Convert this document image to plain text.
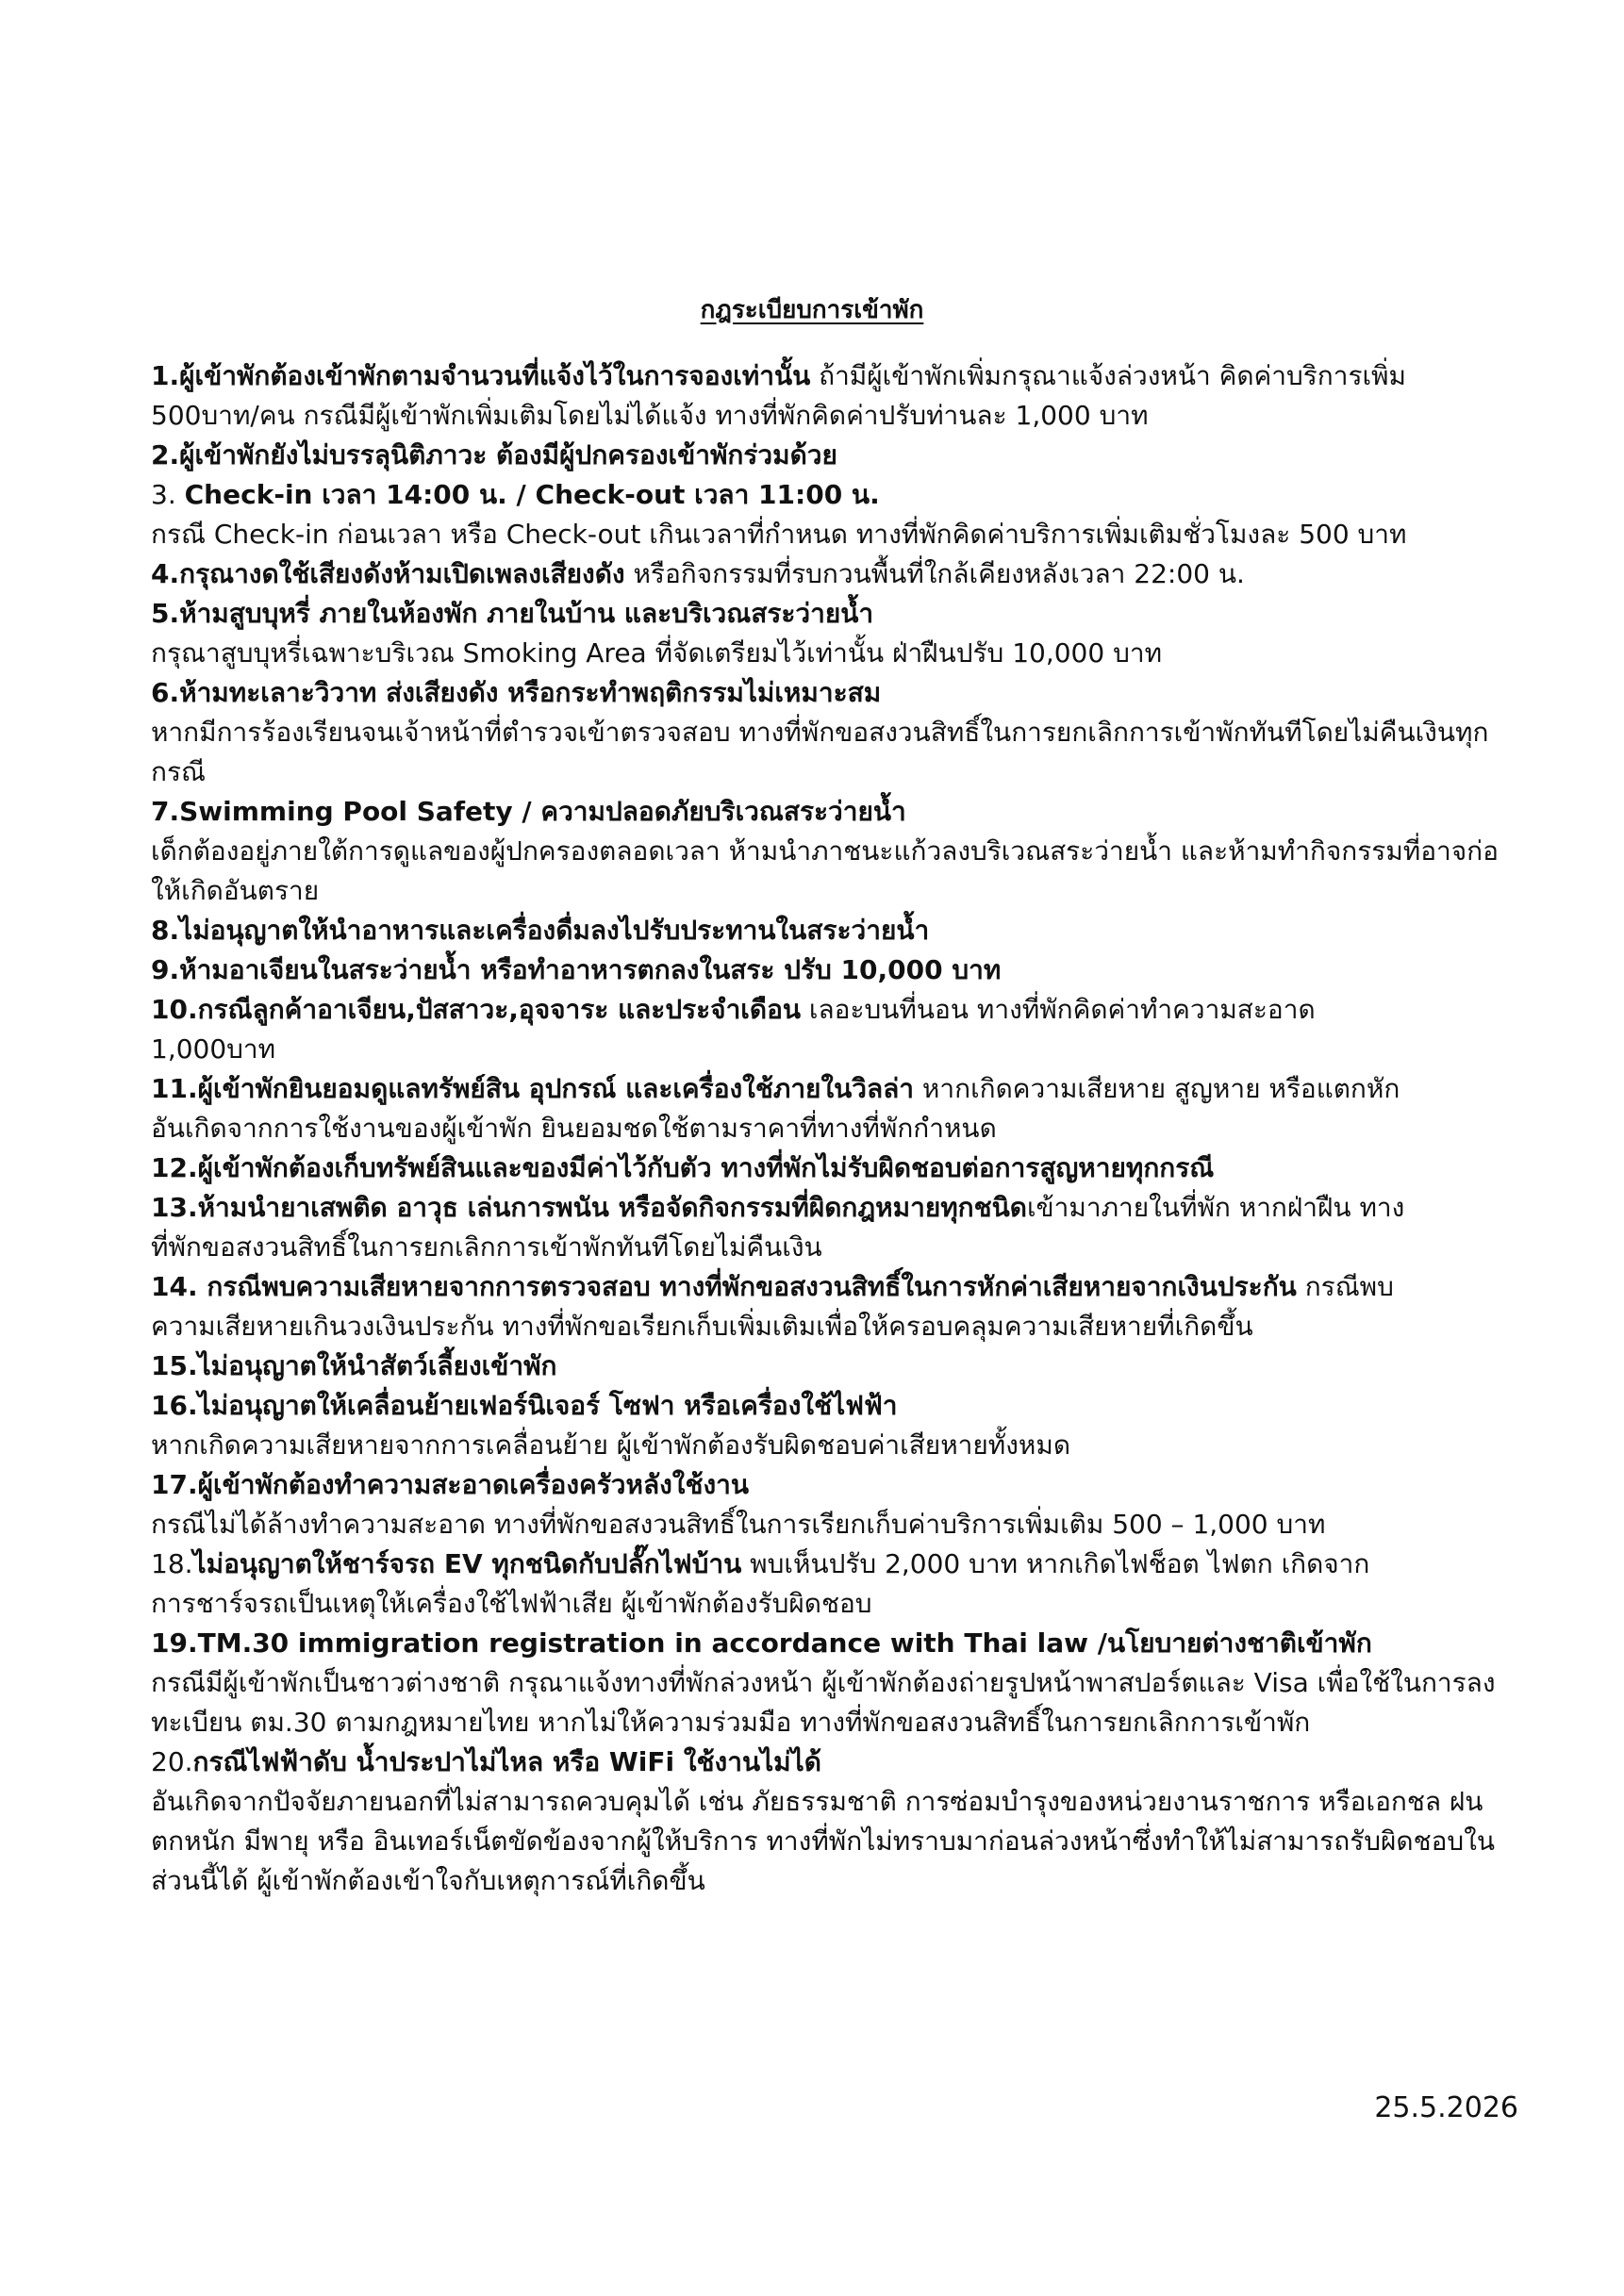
กฎระเบียบการเข้าพัก
1.ผู้เข้าพักต้องเข้าพักตามจำนวนที่แจ้งไว้ในการจองเท่านั้น ถ้ามีผู้เข้าพักเพิ่มกรุณาแจ้งล่วงหน้า คิดค่าบริการเพิ่ม
500บาท/คน กรณีมีผู้เข้าพักเพิ่มเติมโดยไม่ได้แจ้ง ทางที่พักคิดค่าปรับท่านละ 1,000 บาท
2.ผู้เข้าพักยังไม่บรรลุนิติภาวะ ต้องมีผู้ปกครองเข้าพักร่วมด้วย
3. Check-in เวลา 14:00 น. / Check-out เวลา 11:00 น.
กรณี Check-in ก่อนเวลา หรือ Check-out เกินเวลาที่กำหนด ทางที่พักคิดค่าบริการเพิ่มเติมชั่วโมงละ 500 บาท
4.กรุณางดใช้เสียงดังห้ามเปิดเพลงเสียงดัง หรือกิจกรรมที่รบกวนพื้นที่ใกล้เคียงหลังเวลา 22:00 น.
5.ห้ามสูบบุหรี่ ภายในห้องพัก ภายในบ้าน และบริเวณสระว่ายน้ำ
กรุณาสูบบุหรี่เฉพาะบริเวณ Smoking Area ที่จัดเตรียมไว้เท่านั้น ฝ่าฝืนปรับ 10,000 บาท
6.ห้ามทะเลาะวิวาท ส่งเสียงดัง หรือกระทำพฤติกรรมไม่เหมาะสม
หากมีการร้องเรียนจนเจ้าหน้าที่ตำรวจเข้าตรวจสอบ ทางที่พักขอสงวนสิทธิ์ในการยกเลิกการเข้าพักทันทีโดยไม่คืนเงินทุกกรณี
7.Swimming Pool Safety / ความปลอดภัยบริเวณสระว่ายน้ำ
เด็กต้องอยู่ภายใต้การดูแลของผู้ปกครองตลอดเวลา ห้ามนำภาชนะแก้วลงบริเวณสระว่ายน้ำ และห้ามทำกิจกรรมที่อาจก่อให้เกิดอันตราย
8.ไม่อนุญาตให้นำอาหารและเครื่องดื่มลงไปรับประทานในสระว่ายน้ำ
9.ห้ามอาเจียนในสระว่ายน้ำ หรือทำอาหารตกลงในสระ ปรับ 10,000 บาท
10.กรณีลูกค้าอาเจียน,ปัสสาวะ,อุจจาระ และประจำเดือน เลอะบนที่นอน ทางที่พักคิดค่าทำความสะอาด
1,000บาท
11.ผู้เข้าพักยินยอมดูแลทรัพย์สิน อุปกรณ์ และเครื่องใช้ภายในวิลล่า หากเกิดความเสียหาย สูญหาย หรือแตกหัก
อันเกิดจากการใช้งานของผู้เข้าพัก ยินยอมชดใช้ตามราคาที่ทางที่พักกำหนด
12.ผู้เข้าพักต้องเก็บทรัพย์สินและของมีค่าไว้กับตัว ทางที่พักไม่รับผิดชอบต่อการสูญหายทุกกรณี
13.ห้ามนำยาเสพติด อาวุธ เล่นการพนัน หรือจัดกิจกรรมที่ผิดกฎหมายทุกชนิดเข้ามาภายในที่พัก หากฝ่าฝืน ทาง
ที่พักขอสงวนสิทธิ์ในการยกเลิกการเข้าพักทันทีโดยไม่คืนเงิน
14. กรณีพบความเสียหายจากการตรวจสอบ ทางที่พักขอสงวนสิทธิ์ในการหักค่าเสียหายจากเงินประกัน กรณีพบ
ความเสียหายเกินวงเงินประกัน ทางที่พักขอเรียกเก็บเพิ่มเติมเพื่อให้ครอบคลุมความเสียหายที่เกิดขึ้น
15.ไม่อนุญาตให้นำสัตว์เลี้ยงเข้าพัก
16.ไม่อนุญาตให้เคลื่อนย้ายเฟอร์นิเจอร์ โซฟา หรือเครื่องใช้ไฟฟ้า
หากเกิดความเสียหายจากการเคลื่อนย้าย ผู้เข้าพักต้องรับผิดชอบค่าเสียหายทั้งหมด
17.ผู้เข้าพักต้องทำความสะอาดเครื่องครัวหลังใช้งาน
กรณีไม่ได้ล้างทำความสะอาด ทางที่พักขอสงวนสิทธิ์ในการเรียกเก็บค่าบริการเพิ่มเติม 500 – 1,000 บาท
18.ไม่อนุญาตให้ชาร์จรถ EV ทุกชนิดกับปลั๊กไฟบ้าน พบเห็นปรับ 2,000 บาท หากเกิดไฟช็อต ไฟตก เกิดจาก
การชาร์จรถเป็นเหตุให้เครื่องใช้ไฟฟ้าเสีย ผู้เข้าพักต้องรับผิดชอบ
19.TM.30 immigration registration in accordance with Thai law /นโยบายต่างชาติเข้าพัก
กรณีมีผู้เข้าพักเป็นชาวต่างชาติ กรุณาแจ้งทางที่พักล่วงหน้า ผู้เข้าพักต้องถ่ายรูปหน้าพาสปอร์ตและ Visa เพื่อใช้ในการลงทะเบียน ตม.30 ตามกฎหมายไทย หากไม่ให้ความร่วมมือ ทางที่พักขอสงวนสิทธิ์ในการยกเลิกการเข้าพัก
20.กรณีไฟฟ้าดับ น้ำประปาไม่ไหล หรือ WiFi ใช้งานไม่ได้
อันเกิดจากปัจจัยภายนอกที่ไม่สามารถควบคุมได้ เช่น ภัยธรรมชาติ การซ่อมบำรุงของหน่วยงานราชการ หรือเอกชล ฝนตกหนัก มีพายุ หรือ อินเทอร์เน็ตขัดข้องจากผู้ให้บริการ ทางที่พักไม่ทราบมาก่อนล่วงหน้าซึ่งทำให้ไม่สามารถรับผิดชอบในส่วนนี้ได้ ผู้เข้าพักต้องเข้าใจกับเหตุการณ์ที่เกิดขึ้น
25.5.2026
